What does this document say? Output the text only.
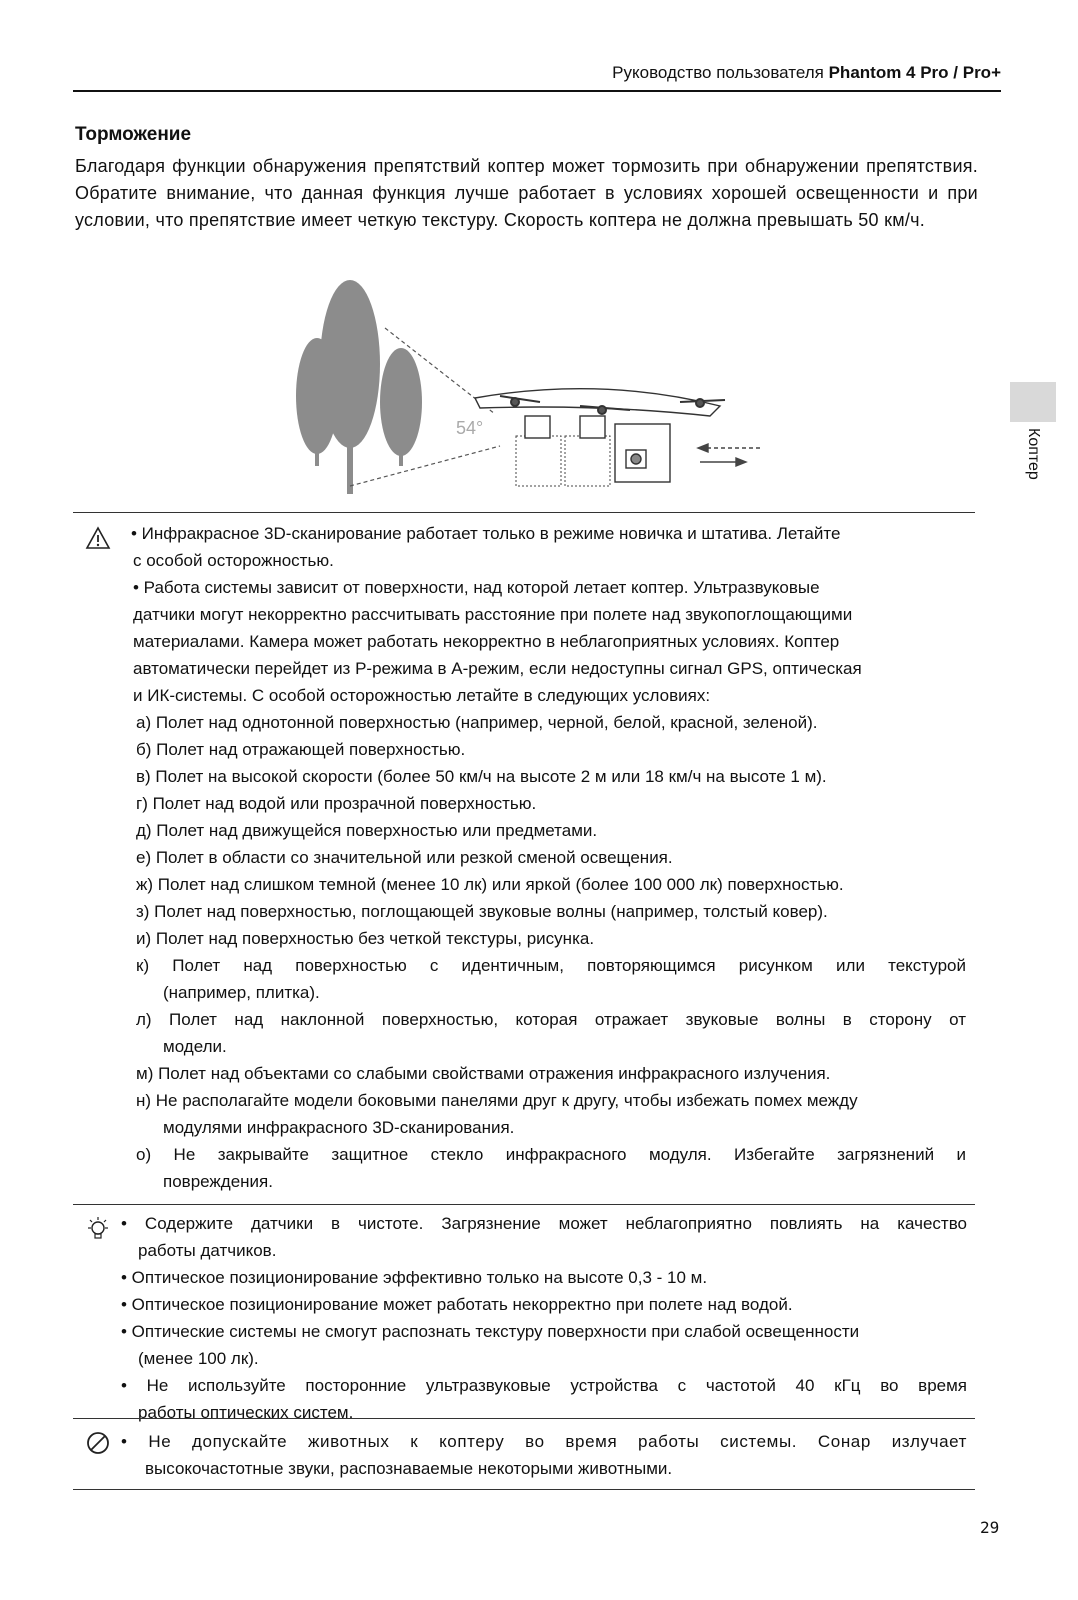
Руководство пользователя Phantom 4 Pro / Pro+
Торможение
Благодаря функции обнаружения препятствий коптер может тормозить при обнаружении препятствия. Обратите внимание, что данная функция лучше работает в условиях хорошей освещенности и при условии, что препятствие имеет четкую текстуру. Скорость коптера не должна превышать 50 км/ч.
54°	Коптер
• Инфракрасное 3D-сканирование работает только в режиме новичка и штатива. Летайте
с особой осторожностью.
• Работа системы зависит от поверхности, над которой летает коптер. Ультразвуковые
датчики могут некорректно рассчитывать расстояние при полете над звукопоглощающими
материалами. Камера может работать некорректно в неблагоприятных условиях. Коптер
автоматически перейдет из P-режима в A-режим, если недоступны сигнал GPS, оптическая
и ИК-системы. С особой осторожностью летайте в следующих условиях:
а) Полет над однотонной поверхностью (например, черной, белой, красной, зеленой).
б) Полет над отражающей поверхностью.
в) Полет на высокой скорости (более 50 км/ч на высоте 2 м или 18 км/ч на высоте 1 м).
г) Полет над водой или прозрачной поверхностью.
д) Полет над движущейся поверхностью или предметами.
е) Полет в области со значительной или резкой сменой освещения.
ж) Полет над слишком темной (менее 10 лк) или яркой (более 100 000 лк) поверхностью.
з) Полет над поверхностью, поглощающей звуковые волны (например, толстый ковер).
и) Полет над поверхностью без четкой текстуры, рисунка.
к) Полет над поверхностью с идентичным, повторяющимся рисунком или текстурой
(например, плитка).
л) Полет над наклонной поверхностью, которая отражает звуковые волны в сторону от
модели.
м) Полет над объектами со слабыми свойствами отражения инфракрасного излучения.
н) Не располагайте модели боковыми панелями друг к другу, чтобы избежать помех между
модулями инфракрасного 3D-сканирования.
о) Не закрывайте защитное стекло инфракрасного модуля. Избегайте загрязнений и
повреждения.
• Содержите датчики в чистоте. Загрязнение может неблагоприятно повлиять на качество
работы датчиков.
• Оптическое позиционирование эффективно только на высоте 0,3 - 10 м.
• Оптическое позиционирование может работать некорректно при полете над водой.
• Оптические системы не смогут распознать текстуру поверхности при слабой освещенности
(менее 100 лк).
• Не используйте посторонние ультразвуковые устройства с частотой 40 кГц во время
работы оптических систем.
• Не допускайте животных к коптеру во время работы системы. Сонар излучает
высокочастотные звуки, распознаваемые некоторыми животными.
29
